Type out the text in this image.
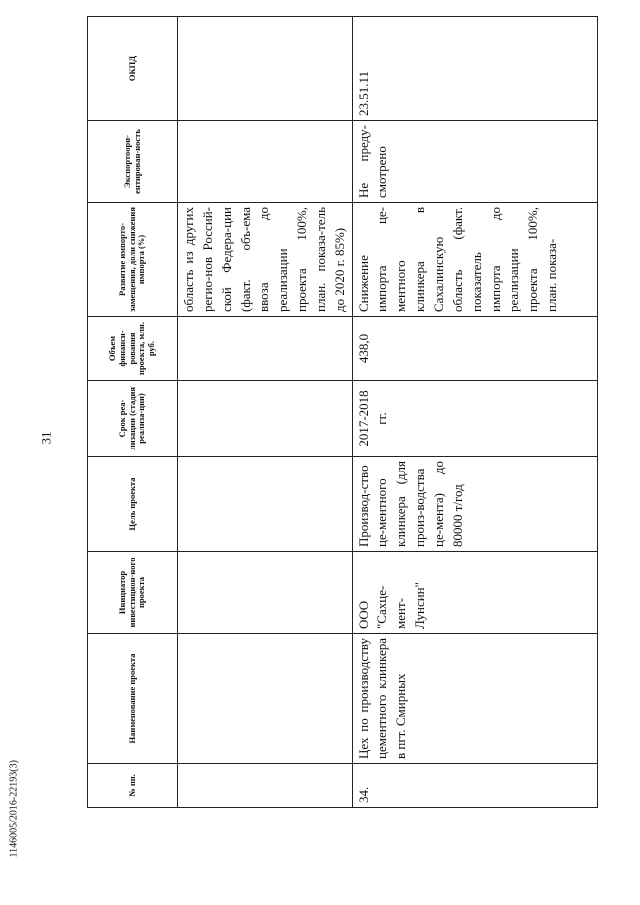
31
№ пп.	Наименование проекта	Инициатор инвестицион-ного проекта	Цель проекта	Срок реа-лизации (стадия реализа-ции)	Объем финанси-рования проекта, млн. руб.	Развитие импорто-замещения, доли снижения импорта (%)	Экспортоори-ентирован-ность	ОКПД
						область из других регио-нов Россий-ской Федера-ции (факт. объ-ема ввоза до реализации проекта 100%, план. показа-тель до 2020 г. 85%)		
34.	Цех по производству цементного клинкера в пгт. Смирных	ООО "Сахце-мент-Лунсин"	Производ-ство це-ментного клинкера (для произ-водства це-мента) до 80000 т/год	2017-2018 гг.	438,0	Снижение импорта це-ментного клинкера в Сахалинскую область (факт. показатель импорта до реализации проекта 100%, план. показа-	Не преду-смотрено	23.51.11
1146005/2016-22193(3)
